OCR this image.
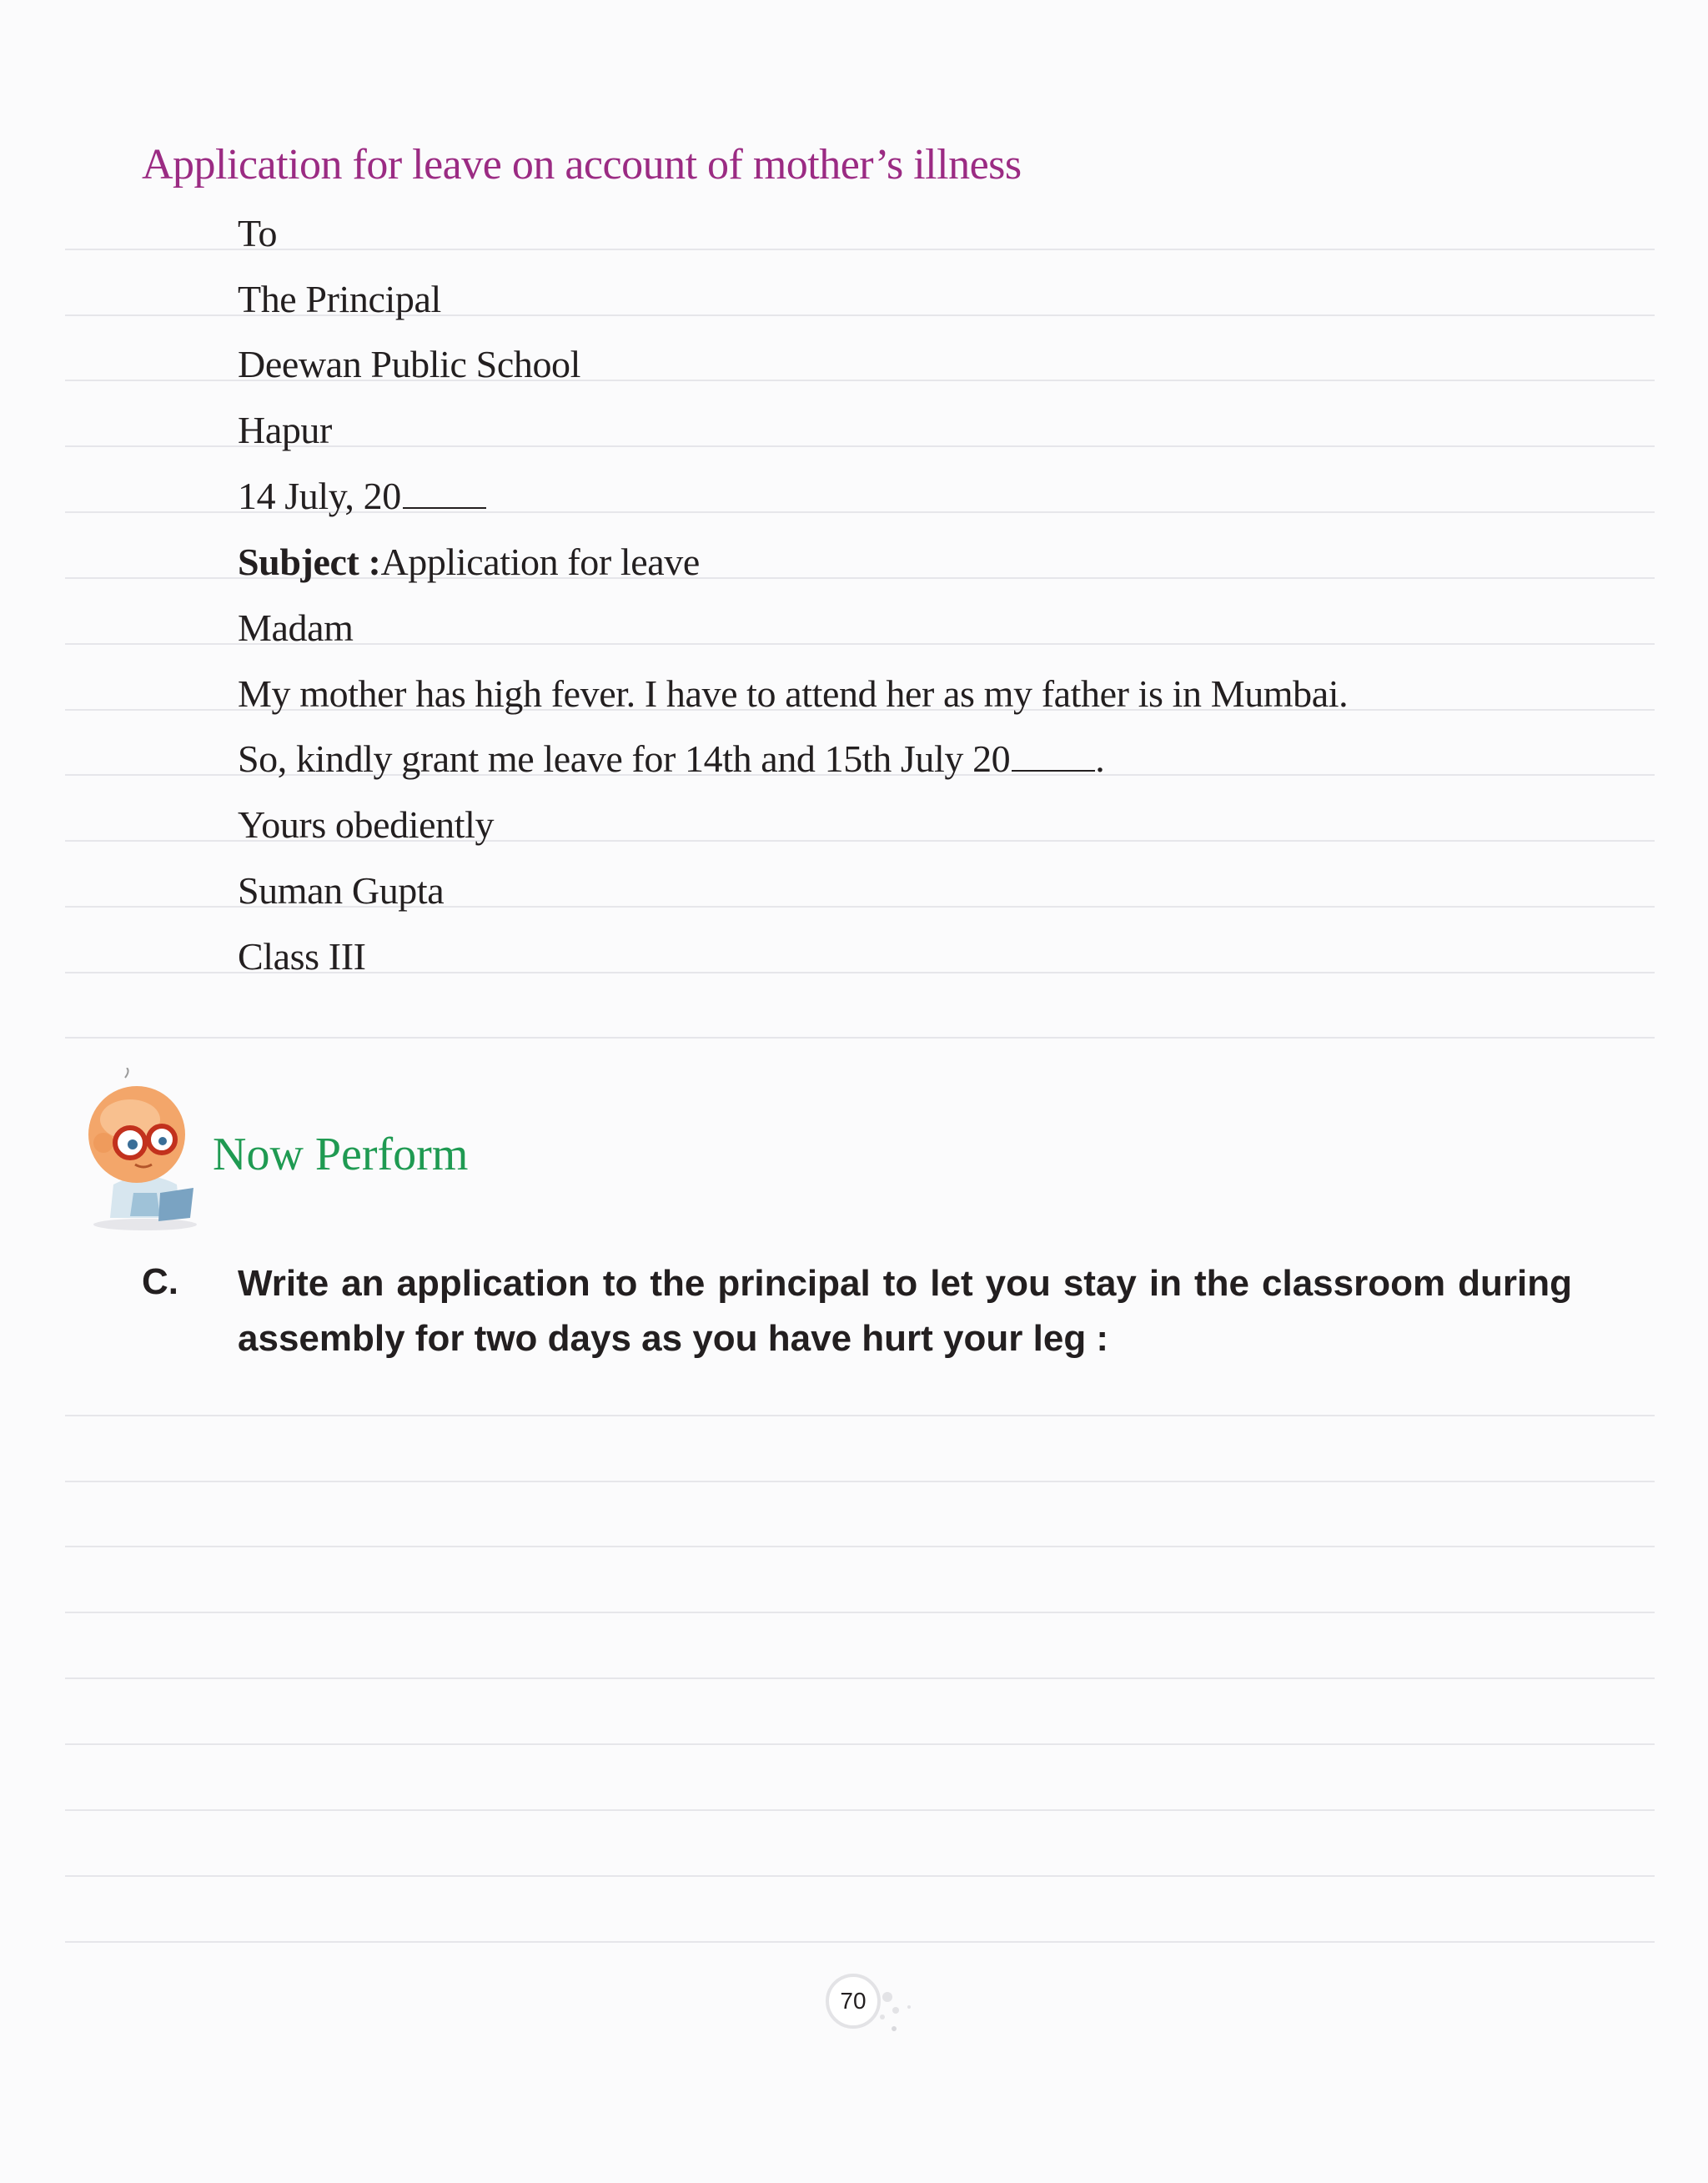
Application for leave on account of mother’s illness
To
The Principal
Deewan Public School
Hapur
14 July, 20
Subject :Application for leave
Madam
My mother has high fever. I have to attend her as my father is in Mumbai.
So, kindly grant me leave for 14th and 15th July 20 .
Yours obediently
Suman Gupta
Class III
Now Perform
C. Write an application to the principal to let you stay in the classroom during assembly for two days as you have hurt your leg :
70
